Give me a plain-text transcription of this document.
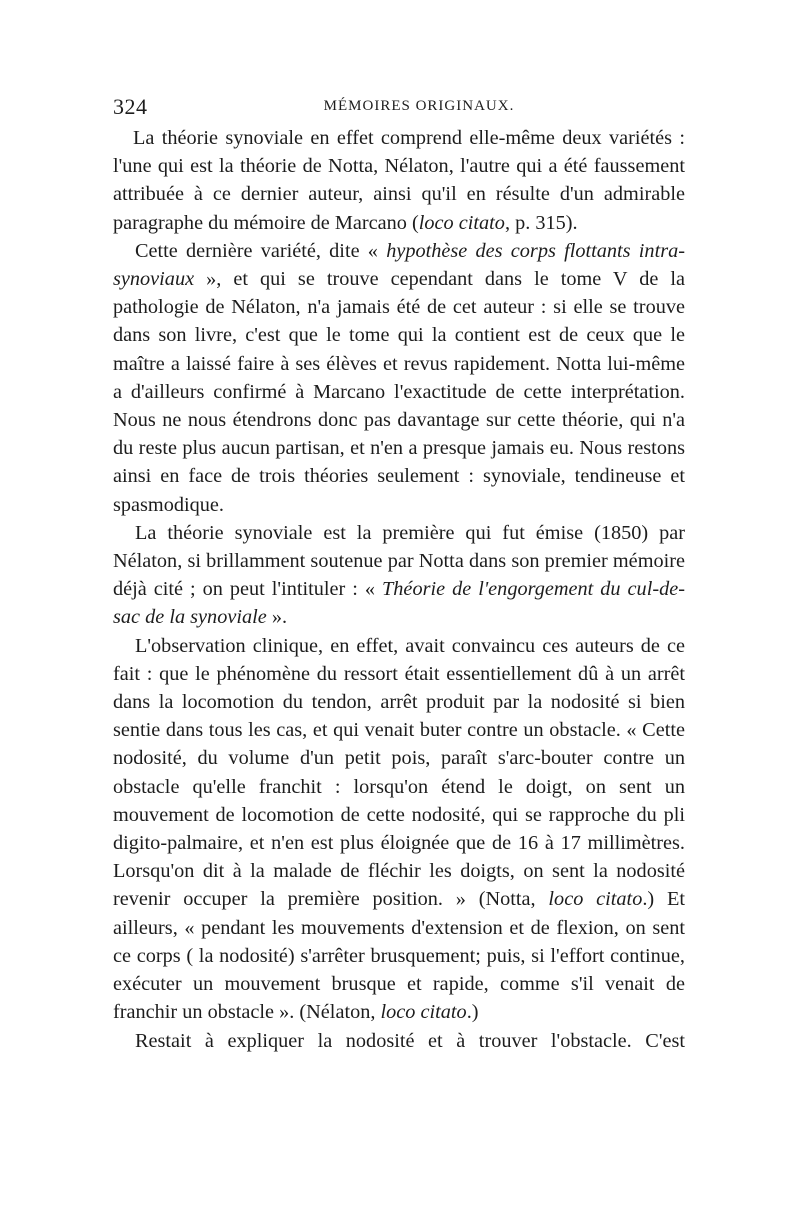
324	MÉMOIRES ORIGINAUX.

La théorie synoviale en effet comprend elle-même deux variétés : l'une qui est la théorie de Notta, Nélaton, l'autre qui a été faussement attribuée à ce dernier auteur, ainsi qu'il en résulte d'un admirable paragraphe du mémoire de Marcano (loco citato, p. 315).

Cette dernière variété, dite « hypothèse des corps flottants intra-synoviaux », et qui se trouve cependant dans le tome V de la pathologie de Nélaton, n'a jamais été de cet auteur : si elle se trouve dans son livre, c'est que le tome qui la contient est de ceux que le maître a laissé faire à ses élèves et revus rapidement. Notta lui-même a d'ailleurs confirmé à Marcano l'exactitude de cette interprétation. Nous ne nous étendrons donc pas davantage sur cette théorie, qui n'a du reste plus aucun partisan, et n'en a presque jamais eu. Nous restons ainsi en face de trois théories seulement : synoviale, tendineuse et spasmodique.

La théorie synoviale est la première qui fut émise (1850) par Nélaton, si brillamment soutenue par Notta dans son premier mémoire déjà cité ; on peut l'intituler : « Théorie de l'engorgement du cul-de-sac de la synoviale ».

L'observation clinique, en effet, avait convaincu ces auteurs de ce fait : que le phénomène du ressort était essentiellement dû à un arrêt dans la locomotion du tendon, arrêt produit par la nodosité si bien sentie dans tous les cas, et qui venait buter contre un obstacle. « Cette nodosité, du volume d'un petit pois, paraît s'arc-bouter contre un obstacle qu'elle franchit : lorsqu'on étend le doigt, on sent un mouvement de locomotion de cette nodosité, qui se rapproche du pli digito-palmaire, et n'en est plus éloignée que de 16 à 17 millimètres. Lorsqu'on dit à la malade de fléchir les doigts, on sent la nodosité revenir occuper la première position. » (Notta, loco citato.) Et ailleurs, « pendant les mouvements d'extension et de flexion, on sent ce corps ( la nodosité) s'arrêter brusquement; puis, si l'effort continue, exécuter un mouvement brusque et rapide, comme s'il venait de franchir un obstacle ». (Nélaton, loco citato.)

Restait à expliquer la nodosité et à trouver l'obstacle. C'est
